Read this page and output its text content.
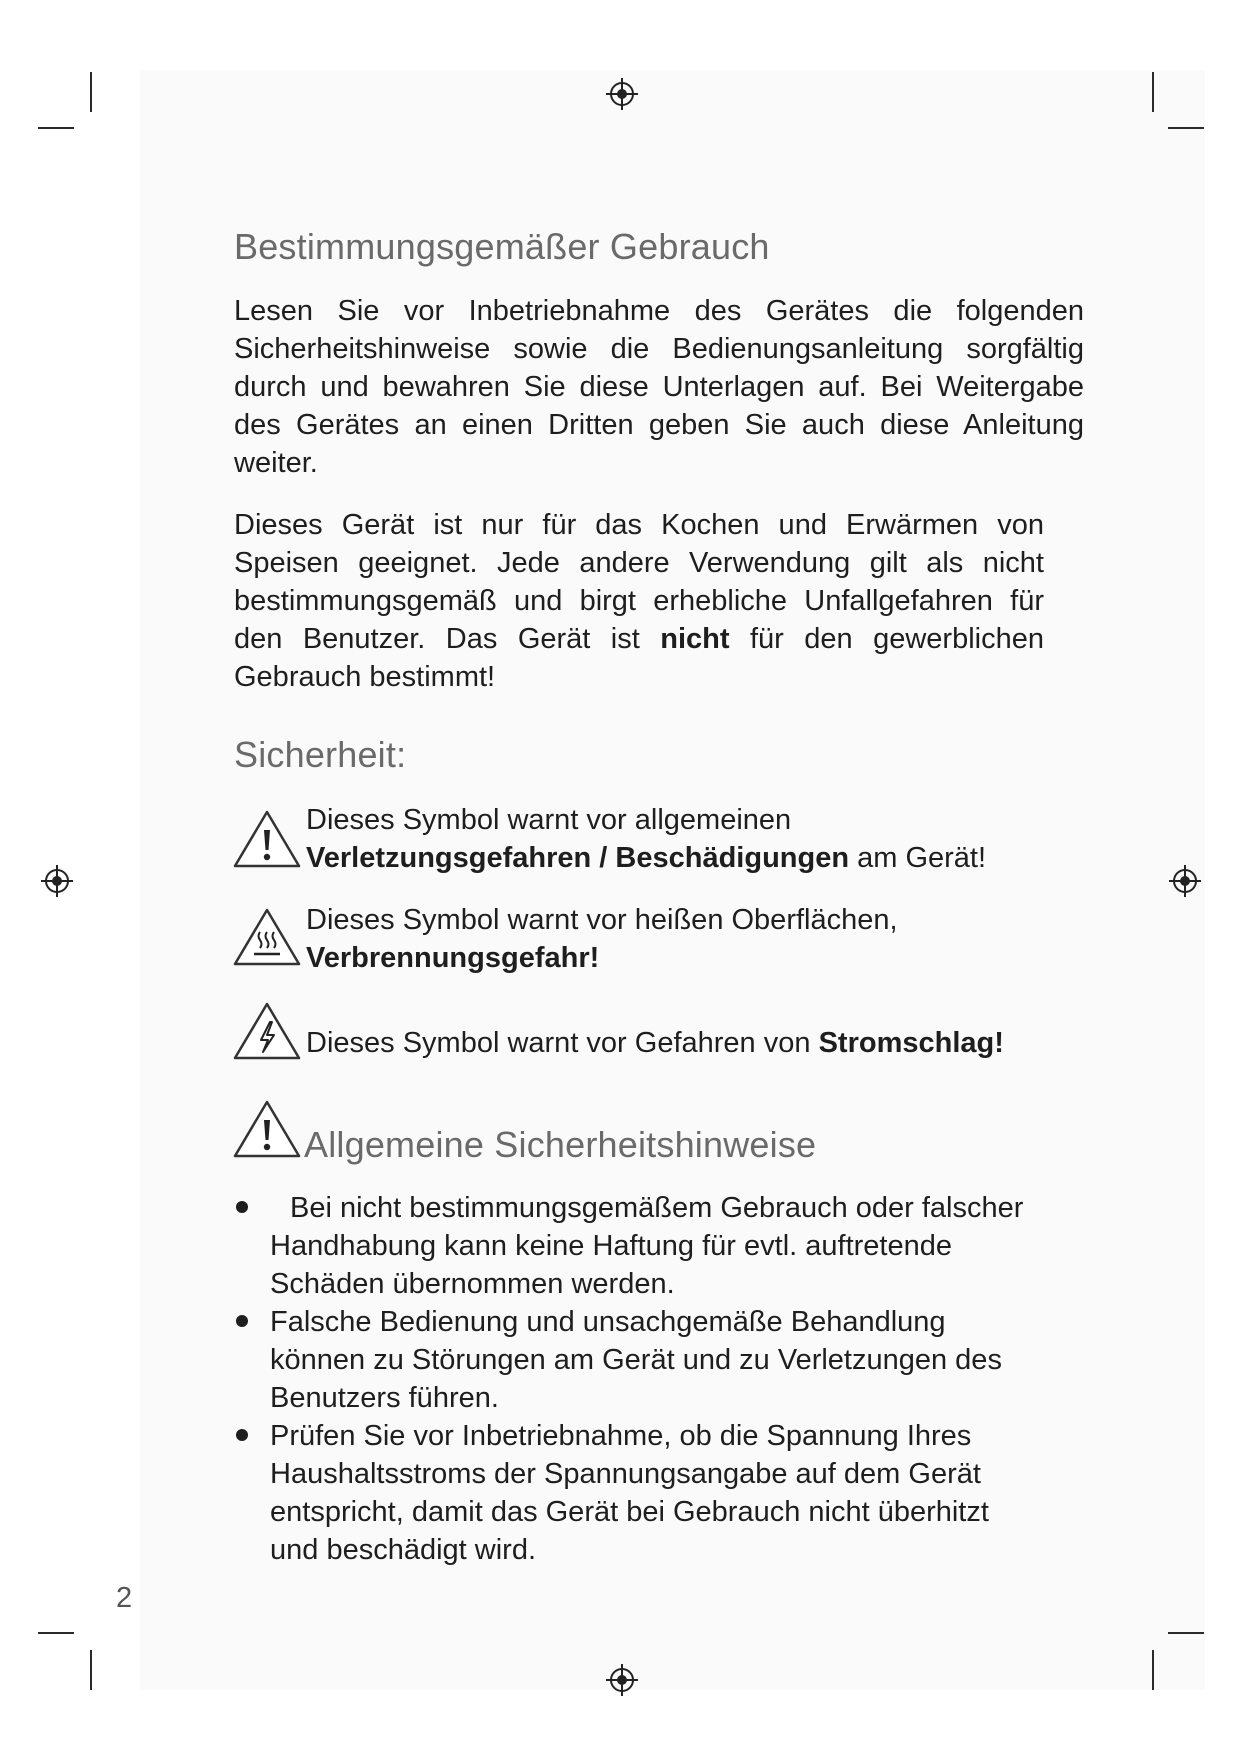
Bestimmungsgemäßer Gebrauch

Lesen Sie vor Inbetriebnahme des Gerätes die folgenden Sicherheitshinweise sowie die Bedienungsanleitung sorgfältig durch und bewahren Sie diese Unterlagen auf. Bei Weitergabe des Gerätes an einen Dritten geben Sie auch diese Anleitung weiter.

Dieses Gerät ist nur für das Kochen und Erwärmen von Speisen geeignet. Jede andere Verwendung gilt als nicht bestimmungsgemäß und birgt erhebliche Unfallgefahren für den Benutzer. Das Gerät ist nicht für den gewerblichen Gebrauch bestimmt!

Sicherheit:

Dieses Symbol warnt vor allgemeinen
Verletzungsgefahren / Beschädigungen am Gerät!

Dieses Symbol warnt vor heißen Oberflächen,
Verbrennungsgefahr!

Dieses Symbol warnt vor Gefahren von Stromschlag!

Allgemeine Sicherheitshinweise

Bei nicht bestimmungsgemäßem Gebrauch oder falscher Handhabung kann keine Haftung für evtl. auftretende Schäden übernommen werden.

Falsche Bedienung und unsachgemäße Behandlung können zu Störungen am Gerät und zu Verletzungen des Benutzers führen.

Prüfen Sie vor Inbetriebnahme, ob die Spannung Ihres Haushaltsstroms der Spannungsangabe auf dem Gerät entspricht, damit das Gerät bei Gebrauch nicht überhitzt und beschädigt wird.

2
